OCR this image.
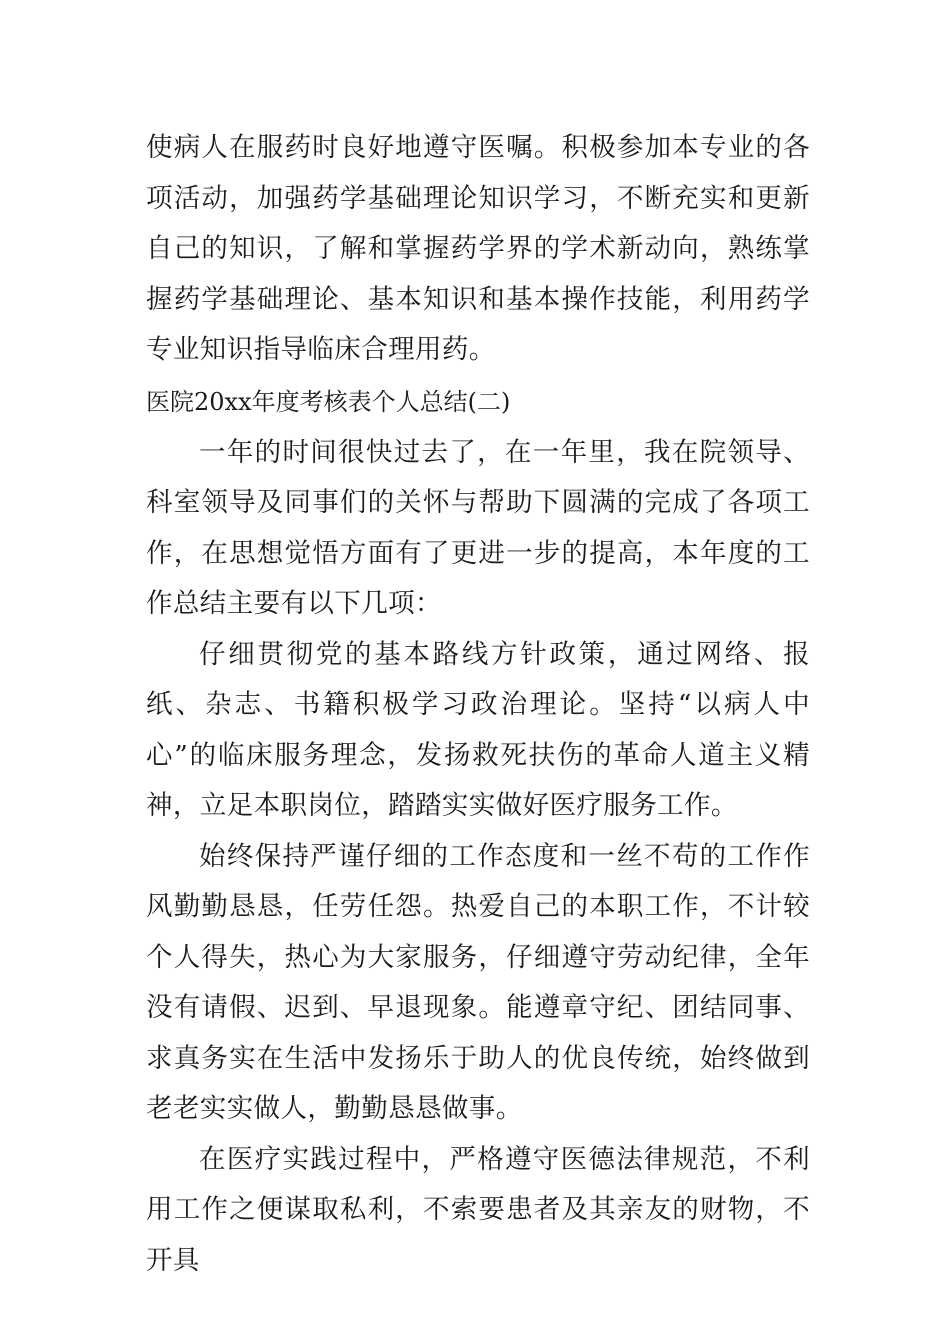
使病人在服药时良好地遵守医嘱。积极参加本专业的各项活动，加强药学基础理论知识学习，不断充实和更新自己的知识，了解和掌握药学界的学术新动向，熟练掌握药学基础理论、基本知识和基本操作技能，利用药学专业知识指导临床合理用药。

医院20xx年度考核表个人总结(二)

一年的时间很快过去了，在一年里，我在院领导、科室领导及同事们的关怀与帮助下圆满的完成了各项工作，在思想觉悟方面有了更进一步的提高，本年度的工作总结主要有以下几项：

仔细贯彻党的基本路线方针政策，通过网络、报纸、杂志、书籍积极学习政治理论。坚持“以病人中心”的临床服务理念，发扬救死扶伤的革命人道主义精神，立足本职岗位，踏踏实实做好医疗服务工作。

始终保持严谨仔细的工作态度和一丝不苟的工作作风勤勤恳恳，任劳任怨。热爱自己的本职工作，不计较个人得失，热心为大家服务，仔细遵守劳动纪律，全年没有请假、迟到、早退现象。能遵章守纪、团结同事、求真务实在生活中发扬乐于助人的优良传统，始终做到老老实实做人，勤勤恳恳做事。

在医疗实践过程中，严格遵守医德法律规范，不利用工作之便谋取私利，不索要患者及其亲友的财物，不开具
